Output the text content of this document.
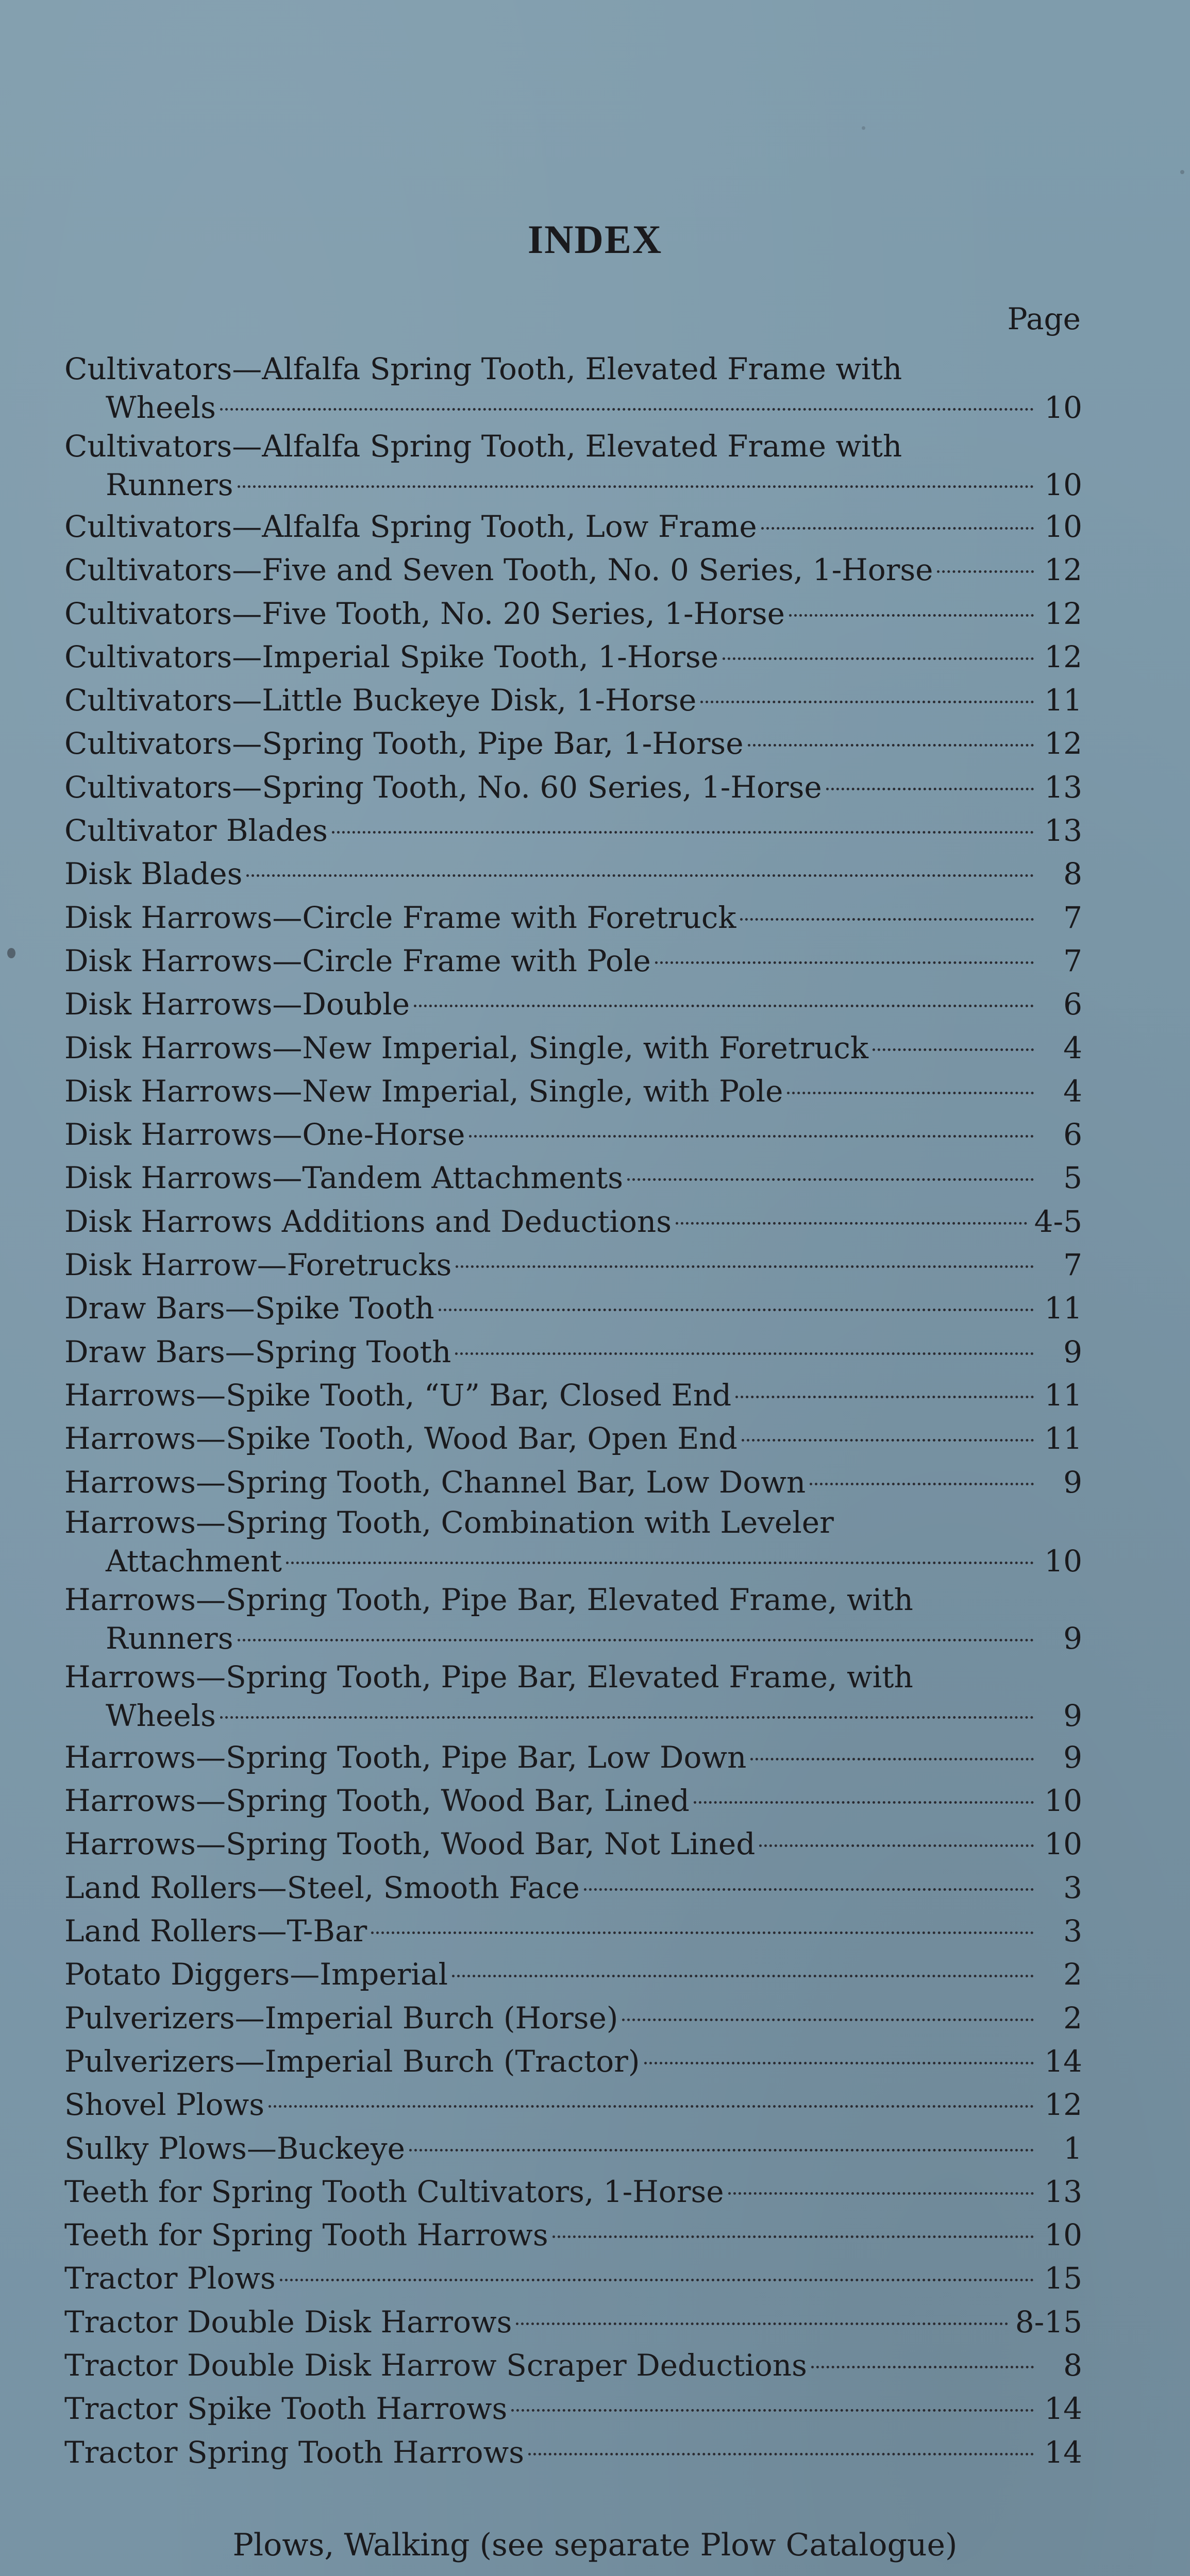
INDEX

Page

Cultivators—Alfalfa Spring Tooth, Elevated Frame with
Wheels	10
Cultivators—Alfalfa Spring Tooth, Elevated Frame with
Runners	10
Cultivators—Alfalfa Spring Tooth, Low Frame	10
Cultivators—Five and Seven Tooth, No. 0 Series, 1-Horse	12
Cultivators—Five Tooth, No. 20 Series, 1-Horse	12
Cultivators—Imperial Spike Tooth, 1-Horse	12
Cultivators—Little Buckeye Disk, 1-Horse	11
Cultivators—Spring Tooth, Pipe Bar, 1-Horse	12
Cultivators—Spring Tooth, No. 60 Series, 1-Horse	13
Cultivator Blades	13
Disk Blades	8
Disk Harrows—Circle Frame with Foretruck	7
Disk Harrows—Circle Frame with Pole	7
Disk Harrows—Double	6
Disk Harrows—New Imperial, Single, with Foretruck	4
Disk Harrows—New Imperial, Single, with Pole	4
Disk Harrows—One-Horse	6
Disk Harrows—Tandem Attachments	5
Disk Harrows Additions and Deductions	4-5
Disk Harrow—Foretrucks	7
Draw Bars—Spike Tooth	11
Draw Bars—Spring Tooth	9
Harrows—Spike Tooth, “U” Bar, Closed End	11
Harrows—Spike Tooth, Wood Bar, Open End	11
Harrows—Spring Tooth, Channel Bar, Low Down	9
Harrows—Spring Tooth, Combination with Leveler
Attachment	10
Harrows—Spring Tooth, Pipe Bar, Elevated Frame, with
Runners	9
Harrows—Spring Tooth, Pipe Bar, Elevated Frame, with
Wheels	9
Harrows—Spring Tooth, Pipe Bar, Low Down	9
Harrows—Spring Tooth, Wood Bar, Lined	10
Harrows—Spring Tooth, Wood Bar, Not Lined	10
Land Rollers—Steel, Smooth Face	3
Land Rollers—T-Bar	3
Potato Diggers—Imperial	2
Pulverizers—Imperial Burch (Horse)	2
Pulverizers—Imperial Burch (Tractor)	14
Shovel Plows	12
Sulky Plows—Buckeye	1
Teeth for Spring Tooth Cultivators, 1-Horse	13
Teeth for Spring Tooth Harrows	10
Tractor Plows	15
Tractor Double Disk Harrows	8-15
Tractor Double Disk Harrow Scraper Deductions	8
Tractor Spike Tooth Harrows	14
Tractor Spring Tooth Harrows	14

Plows, Walking (see separate Plow Catalogue)
